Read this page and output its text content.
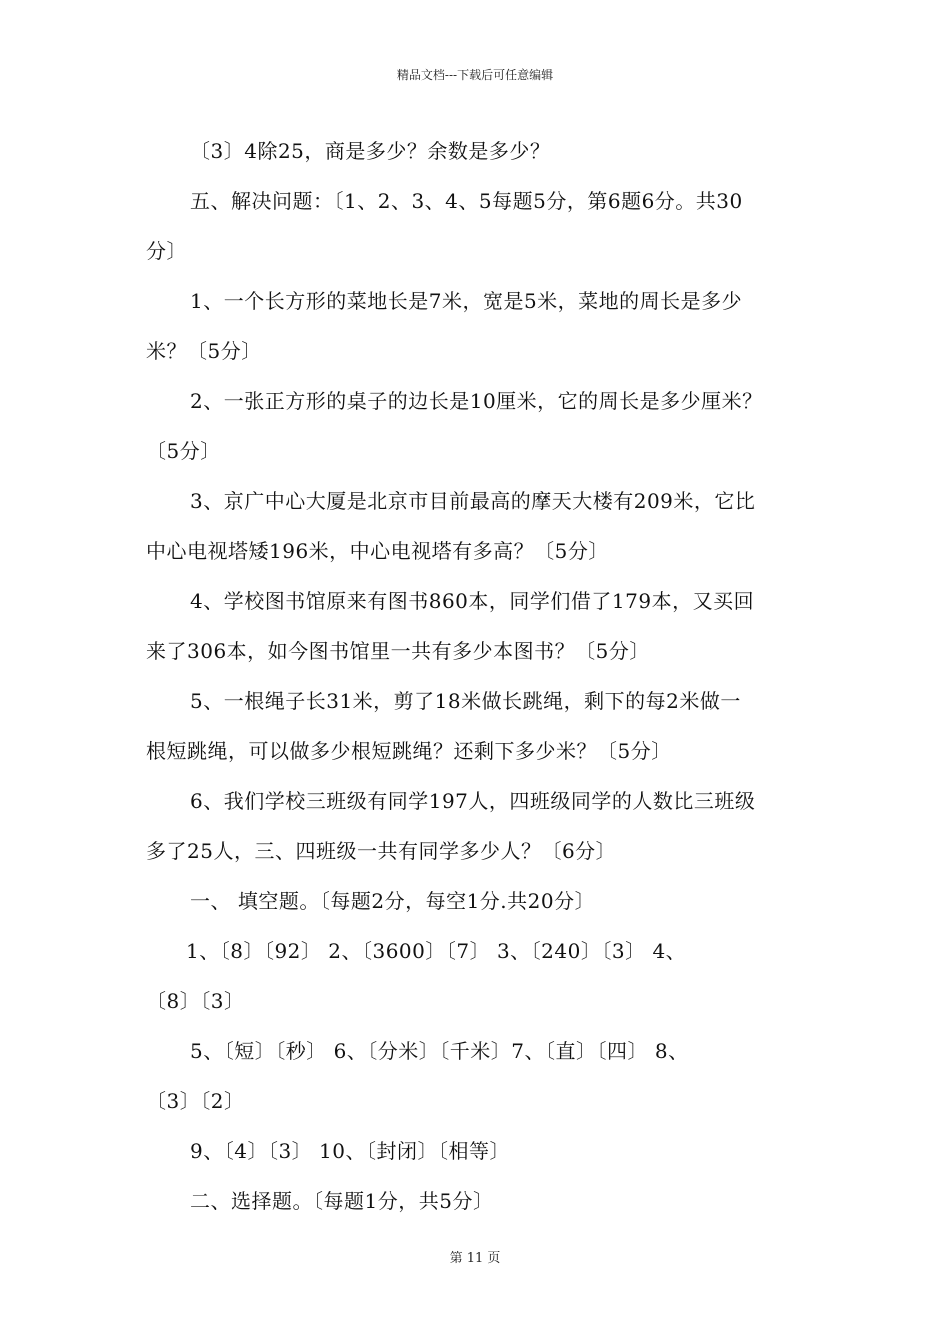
精品文档---下载后可任意编辑
〔3〕4除25，商是多少？余数是多少？
五、解决问题：〔1、2、3、4、5每题5分，第6题6分。共30
分〕
1、一个长方形的菜地长是7米，宽是5米，菜地的周长是多少
米？〔5分〕
2、一张正方形的桌子的边长是10厘米，它的周长是多少厘米？
〔5分〕
3、京广中心大厦是北京市目前最高的摩天大楼有209米，它比
中心电视塔矮196米，中心电视塔有多高？〔5分〕
4、学校图书馆原来有图书860本，同学们借了179本，又买回
来了306本，如今图书馆里一共有多少本图书？〔5分〕
5、一根绳子长31米，剪了18米做长跳绳，剩下的每2米做一
根短跳绳，可以做多少根短跳绳？还剩下多少米？〔5分〕
6、我们学校三班级有同学197人，四班级同学的人数比三班级
多了25人，三、四班级一共有同学多少人？〔6分〕
一、 填空题。〔每题2分，每空1分.共20分〕
1、〔8〕〔92〕 2、〔3600〕〔7〕 3、〔240〕〔3〕 4、
〔8〕〔3〕
5、〔短〕〔秒〕 6、〔分米〕〔千米〕7、〔直〕〔四〕 8、
〔3〕〔2〕
9、〔4〕〔3〕 10、〔封闭〕〔相等〕
二、选择题。〔每题1分，共5分〕
第 11 页
